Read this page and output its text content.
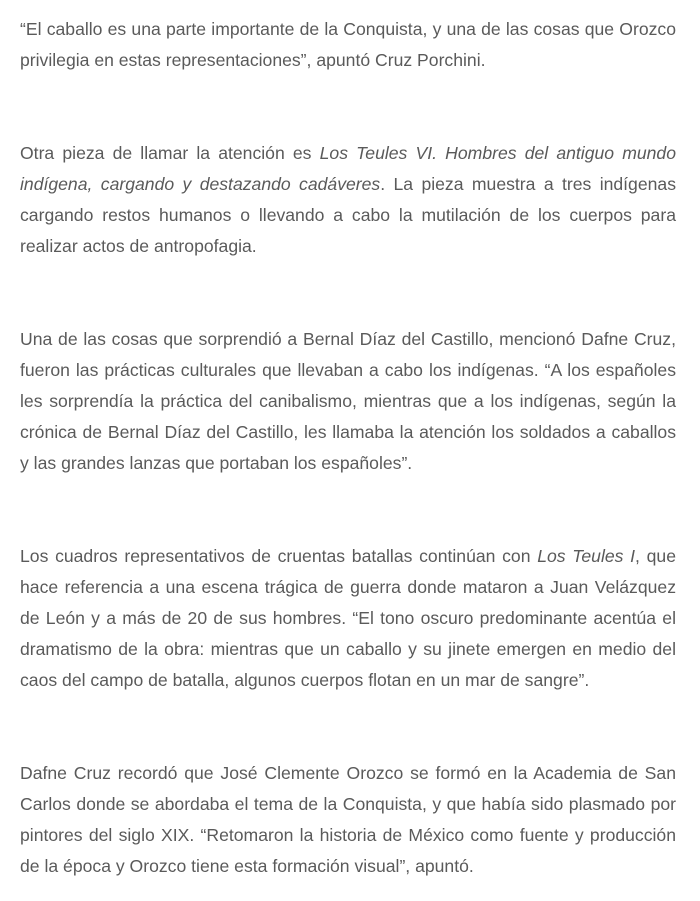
“El caballo es una parte importante de la Conquista, y una de las cosas que Orozco privilegia en estas representaciones”, apuntó Cruz Porchini.

Otra pieza de llamar la atención es Los Teules VI. Hombres del antiguo mundo indígena, cargando y destazando cadáveres. La pieza muestra a tres indígenas cargando restos humanos o llevando a cabo la mutilación de los cuerpos para realizar actos de antropofagia.

Una de las cosas que sorprendió a Bernal Díaz del Castillo, mencionó Dafne Cruz, fueron las prácticas culturales que llevaban a cabo los indígenas. “A los españoles les sorprendía la práctica del canibalismo, mientras que a los indígenas, según la crónica de Bernal Díaz del Castillo, les llamaba la atención los soldados a caballos y las grandes lanzas que portaban los españoles”.

Los cuadros representativos de cruentas batallas continúan con Los Teules I, que hace referencia a una escena trágica de guerra donde mataron a Juan Velázquez de León y a más de 20 de sus hombres. “El tono oscuro predominante acentúa el dramatismo de la obra: mientras que un caballo y su jinete emergen en medio del caos del campo de batalla, algunos cuerpos flotan en un mar de sangre”.

Dafne Cruz recordó que José Clemente Orozco se formó en la Academia de San Carlos donde se abordaba el tema de la Conquista, y que había sido plasmado por pintores del siglo XIX. “Retomaron la historia de México como fuente y producción de la época y Orozco tiene esta formación visual”, apuntó.
